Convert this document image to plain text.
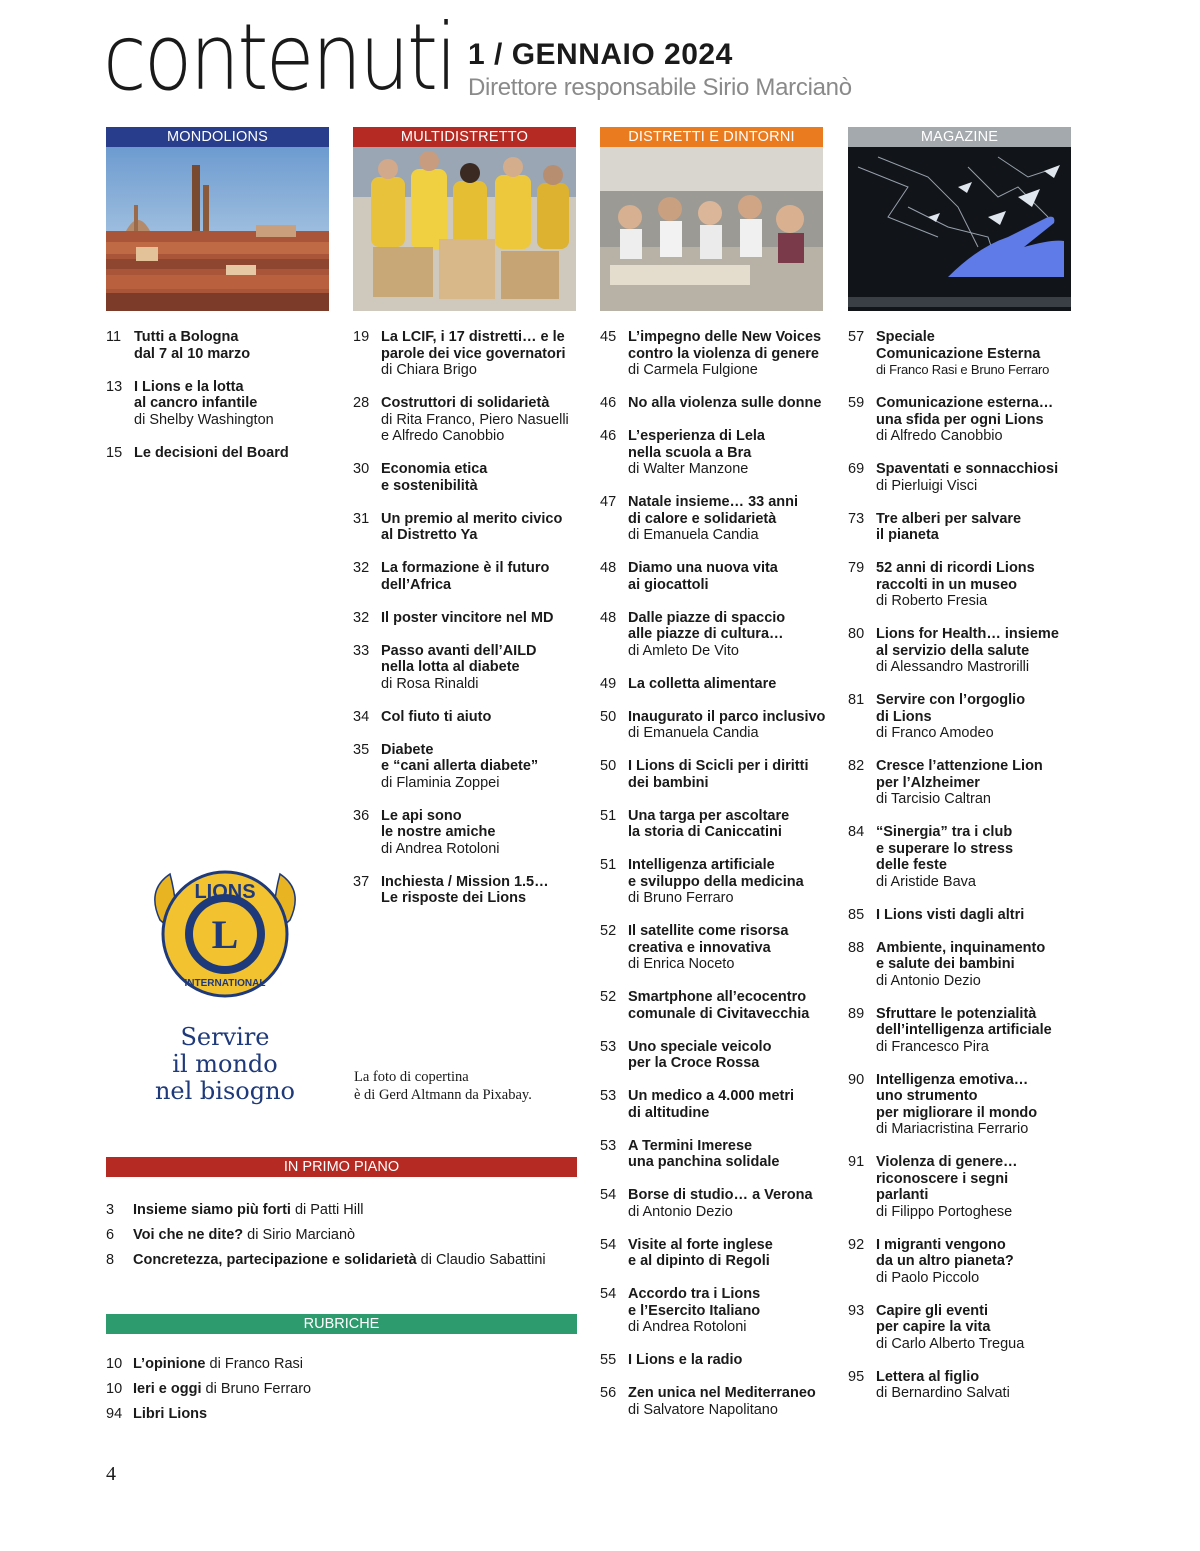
contenuti 1 / GENNAIO 2024
Direttore responsabile Sirio Marcianò
MONDOLIONS	MULTIDISTRETTO	DISTRETTI E DINTORNI	MAGAZINE
11 Tutti a Bologna
dal 7 al 10 marzo
13 I Lions e la lotta
al cancro infantile
di Shelby Washington
15 Le decisioni del Board
19 La LCIF, i 17 distretti… e le
parole dei vice governatori
di Chiara Brigo
28 Costruttori di solidarietà
di Rita Franco, Piero Nasuelli
e Alfredo Canobbio
30 Economia etica
e sostenibilità
31 Un premio al merito civico
al Distretto Ya
32 La formazione è il futuro
dell’Africa
32 Il poster vincitore nel MD
33 Passo avanti dell’AILD
nella lotta al diabete
di Rosa Rinaldi
34 Col fiuto ti aiuto
35 Diabete
e “cani allerta diabete”
di Flaminia Zoppei
36 Le api sono
le nostre amiche
di Andrea Rotoloni
37 Inchiesta / Mission 1.5…
Le risposte dei Lions
45 L’impegno delle New Voices
contro la violenza di genere
di Carmela Fulgione
46 No alla violenza sulle donne
46 L’esperienza di Lela
nella scuola a Bra
di Walter Manzone
47 Natale insieme… 33 anni
di calore e solidarietà
di Emanuela Candia
48 Diamo una nuova vita
ai giocattoli
48 Dalle piazze di spaccio
alle piazze di cultura…
di Amleto De Vito
49 La colletta alimentare
50 Inaugurato il parco inclusivo
di Emanuela Candia
50 I Lions di Scicli per i diritti
dei bambini
51 Una targa per ascoltare
la storia di Caniccatini
51 Intelligenza artificiale
e sviluppo della medicina
di Bruno Ferraro
52 Il satellite come risorsa
creativa e innovativa
di Enrica Noceto
52 Smartphone all’ecocentro
comunale di Civitavecchia
53 Uno speciale veicolo
per la Croce Rossa
53 Un medico a 4.000 metri
di altitudine
53 A Termini Imerese
una panchina solidale
54 Borse di studio… a Verona
di Antonio Dezio
54 Visite al forte inglese
e al dipinto di Regoli
54 Accordo tra i Lions
e l’Esercito Italiano
di Andrea Rotoloni
55 I Lions e la radio
56 Zen unica nel Mediterraneo
di Salvatore Napolitano
57 Speciale
Comunicazione Esterna
di Franco Rasi e Bruno Ferraro
59 Comunicazione esterna…
una sfida per ogni Lions
di Alfredo Canobbio
69 Spaventati e sonnacchiosi
di Pierluigi Visci
73 Tre alberi per salvare
il pianeta
79 52 anni di ricordi Lions
raccolti in un museo
di Roberto Fresia
80 Lions for Health… insieme
al servizio della salute
di Alessandro Mastrorilli
81 Servire con l’orgoglio
di Lions
di Franco Amodeo
82 Cresce l’attenzione Lion
per l’Alzheimer
di Tarcisio Caltran
84 “Sinergia” tra i club
e superare lo stress
delle feste
di Aristide Bava
85 I Lions visti dagli altri
88 Ambiente, inquinamento
e salute dei bambini
di Antonio Dezio
89 Sfruttare le potenzialità
dell’intelligenza artificiale
di Francesco Pira
90 Intelligenza emotiva…
uno strumento
per migliorare il mondo
di Mariacristina Ferrario
91 Violenza di genere…
riconoscere i segni
parlanti
di Filippo Portoghese
92 I migranti vengono
da un altro pianeta?
di Paolo Piccolo
93 Capire gli eventi
per capire la vita
di Carlo Alberto Tregua
95 Lettera al figlio
di Bernardino Salvati
LIONS
L
INTERNATIONAL
Servire
il mondo
nel bisogno	La foto di copertina
è di Gerd Altmann da Pixabay.
IN PRIMO PIANO
3	Insieme siamo più forti di Patti Hill
6	Voi che ne dite? di Sirio Marcianò
8	Concretezza, partecipazione e solidarietà di Claudio Sabattini
RUBRICHE
10 L’opinione di Franco Rasi
10 Ieri e oggi di Bruno Ferraro
94 Libri Lions
4
